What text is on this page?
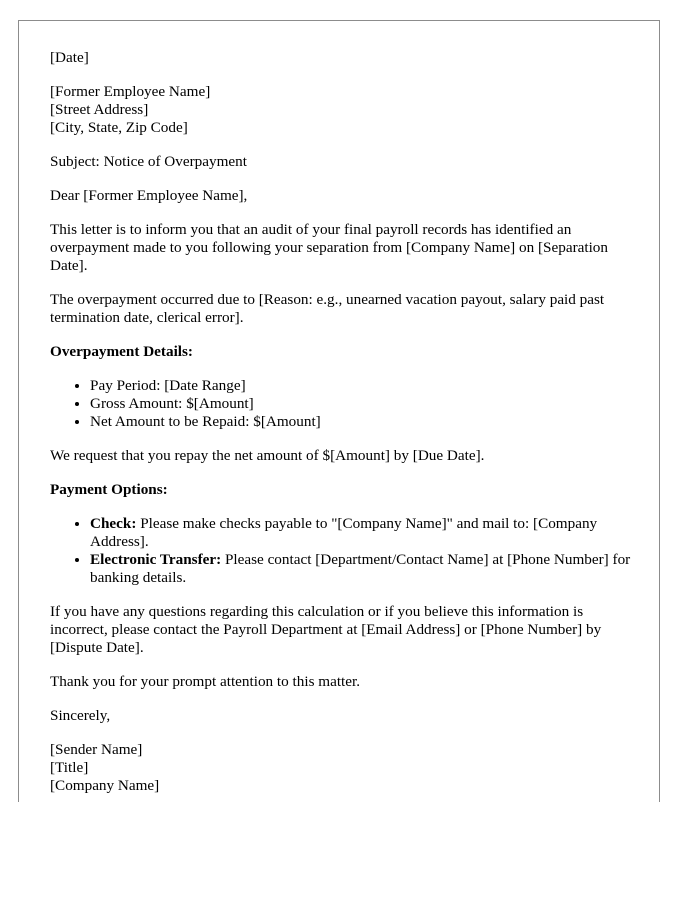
[Date]

[Former Employee Name]
[Street Address]
[City, State, Zip Code]

Subject: Notice of Overpayment

Dear [Former Employee Name],

This letter is to inform you that an audit of your final payroll records has identified an overpayment made to you following your separation from [Company Name] on [Separation Date].

The overpayment occurred due to [Reason: e.g., unearned vacation payout, salary paid past termination date, clerical error].

Overpayment Details:

• Pay Period: [Date Range]
• Gross Amount: $[Amount]
• Net Amount to be Repaid: $[Amount]

We request that you repay the net amount of $[Amount] by [Due Date].

Payment Options:

• Check: Please make checks payable to "[Company Name]" and mail to: [Company Address].
• Electronic Transfer: Please contact [Department/Contact Name] at [Phone Number] for banking details.

If you have any questions regarding this calculation or if you believe this information is incorrect, please contact the Payroll Department at [Email Address] or [Phone Number] by [Dispute Date].

Thank you for your prompt attention to this matter.

Sincerely,

[Sender Name]
[Title]
[Company Name]
